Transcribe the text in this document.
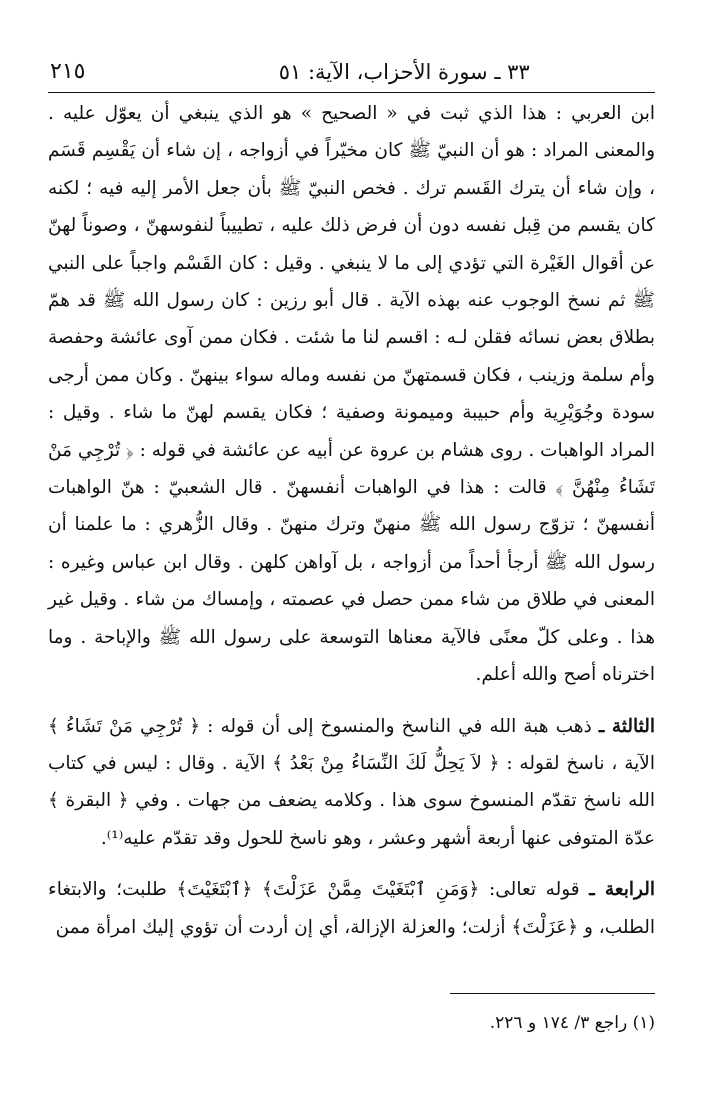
٣٣ ـ سورة الأحزاب، الآية: ٥١
٢١٥

ابن العربي : هذا الذي ثبت في « الصحيح » هو الذي ينبغي أن يعوّل عليه . والمعنى المراد : هو أن النبيّ ﷺ كان مخيّراً في أزواجه ، إن شاء أن يَقْسِم قَسَم ، وإن شاء أن يترك القَسم ترك . فخص النبيّ ﷺ بأن جعل الأمر إليه فيه ؛ لكنه كان يقسم من قِبل نفسه دون أن فرض ذلك عليه ، تطييباً لنفوسهنّ ، وصوناً لهنّ عن أقوال الغَيْرة التي تؤدي إلى ما لا ينبغي . وقيل : كان القَسْم واجباً على النبي ﷺ ثم نسخ الوجوب عنه بهذه الآية . قال أبو رزين : كان رسول الله ﷺ قد همّ بطلاق بعض نسائه فقلن لـه : اقسم لنا ما شئت . فكان ممن آوى عائشة وحفصة وأم سلمة وزينب ، فكان قسمتهنّ من نفسه وماله سواء بينهنّ . وكان ممن أرجى سودة وجُوَيْرِية وأم حبيبة وميمونة وصفية ؛ فكان يقسم لهنّ ما شاء . وقيل : المراد الواهبات . روى هشام بن عروة عن أبيه عن عائشة في قوله : ﴿ تُرْجِي مَنْ تَشَاءُ مِنْهُنَّ ﴾ قالت : هذا في الواهبات أنفسهنّ . قال الشعبيّ : هنّ الواهبات أنفسهنّ ؛ تزوّج رسول الله ﷺ منهنّ وترك منهنّ . وقال الزُّهري : ما علمنا أن رسول الله ﷺ أرجأ أحداً من أزواجه ، بل آواهن كلهن . وقال ابن عباس وغيره : المعنى في طلاق من شاء ممن حصل في عصمته ، وإمساك من شاء . وقيل غير هذا . وعلى كلّ معنًى فالآية معناها التوسعة على رسول الله ﷺ والإباحة . وما اخترناه أصح والله أعلم.

الثالثة ـ ذهب هبة الله في الناسخ والمنسوخ إلى أن قوله : ﴿ تُرْجِي مَنْ تَشَاءُ ﴾ الآية ، ناسخ لقوله : ﴿ لاَ يَحِلُّ لَكَ النِّسَاءُ مِنْ بَعْدُ ﴾ الآية . وقال : ليس في كتاب الله ناسخ تقدّم المنسوخ سوى هذا . وكلامه يضعف من جهات . وفي ﴿ البقرة ﴾ عدّة المتوفى عنها أربعة أشهر وعشر ، وهو ناسخ للحول وقد تقدّم عليه⁽¹⁾.

الرابعة ـ قوله تعالى: ﴿وَمَنِ ٱبْتَغَيْتَ مِمَّنْ عَزَلْتَ﴾ ﴿ٱبْتَغَيْتَ﴾ طلبت؛ والابتغاء الطلب، و ﴿عَزَلْتَ﴾ أزلت؛ والعزلة الإزالة، أي إن أردت أن تؤوي إليك امرأة ممن

(١) راجع ٣/ ١٧٤ و ٢٢٦.
